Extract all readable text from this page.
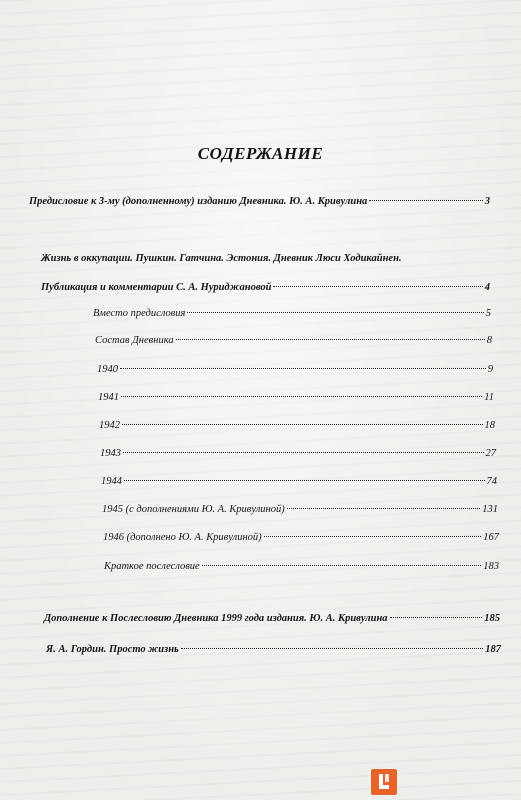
СОДЕРЖАНИЕ
Предисловие к 3-му (дополненному) изданию Дневника. Ю. А. Кривулина	3
Жизнь в оккупации. Пушкин. Гатчина. Эстония. Дневник Люси Ходикайнен.
Публикация и комментарии С. А. Нуриджановой	4
Вместо предисловия	5
Состав Дневника	8
1940	9
1941	11
1942	18
1943	27
1944	74
1945 (с дополнениями Ю. А. Кривулиной)	131
1946 (дополнено Ю. А. Кривулиной)	167
Краткое послесловие	183
Дополнение к Послесловию Дневника 1999 года издания. Ю. А. Кривулина	185
Я. А. Гордин. Просто жизнь	187
